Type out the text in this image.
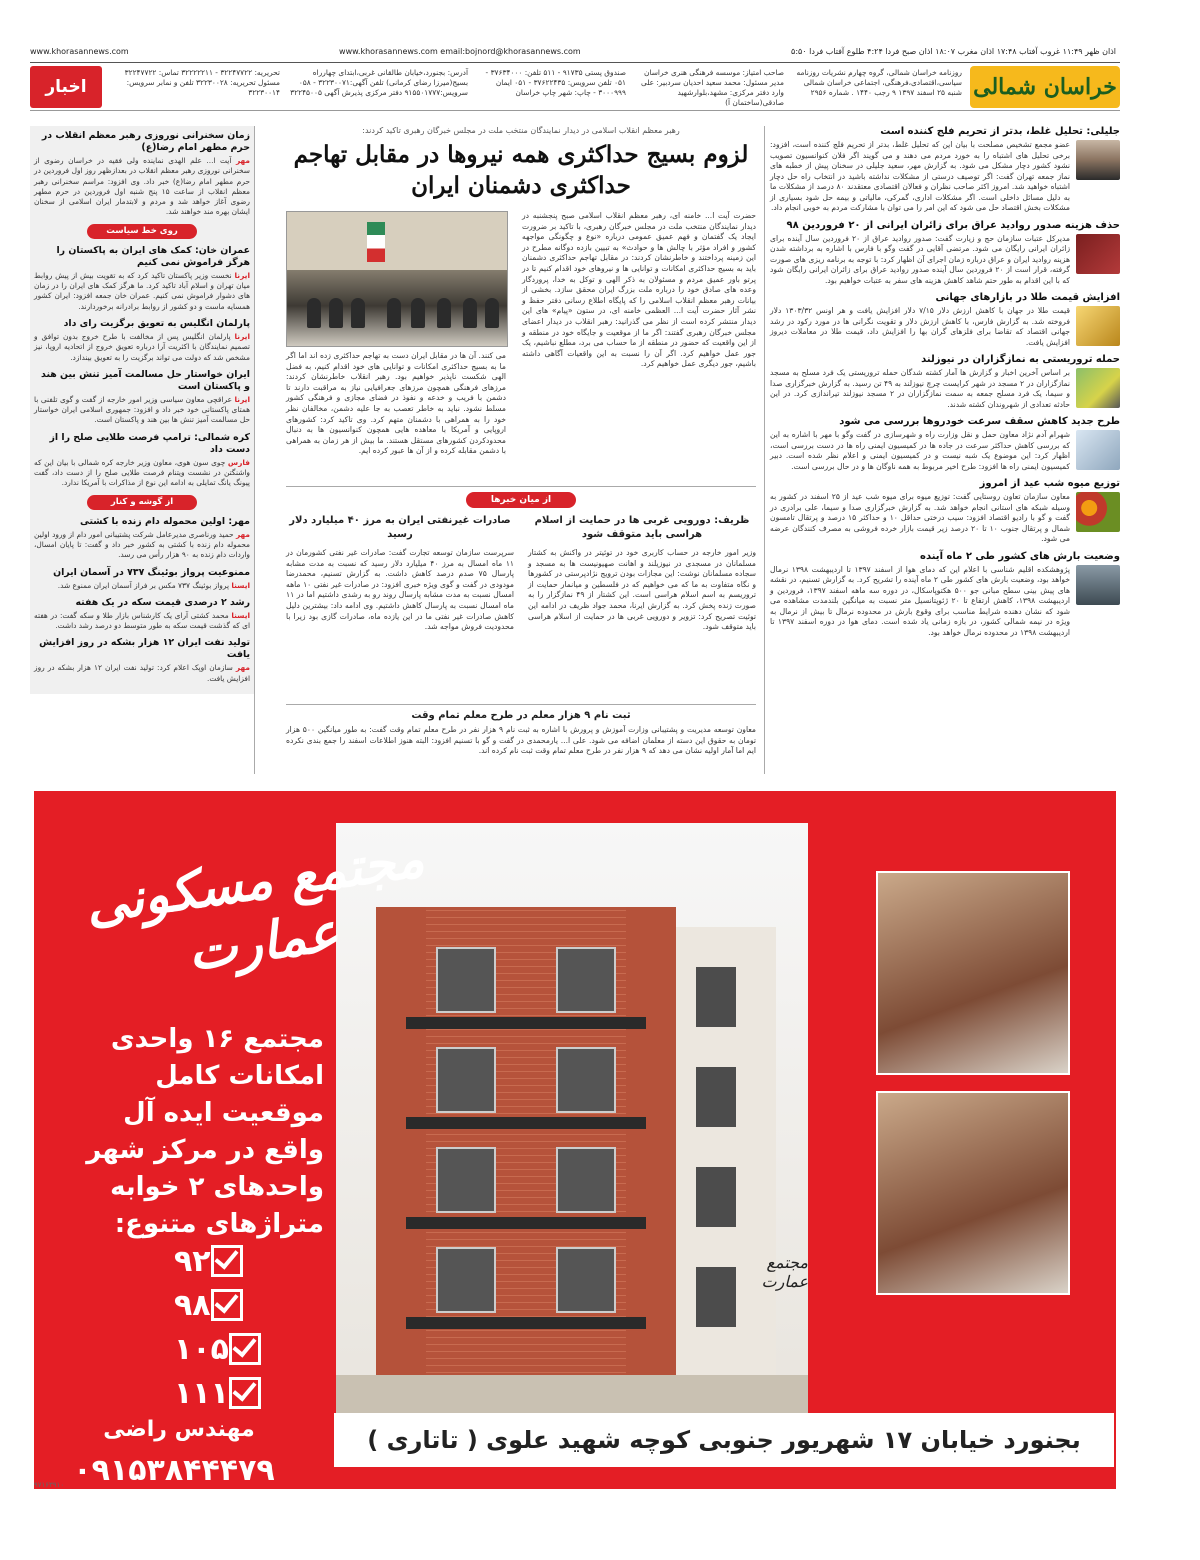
www.khorasannews.com	www.khorasannews.com email:bojnord@khorasannews.com	اذان ظهر ۱۱:۴۹ غروب آفتاب ۱۷:۴۸ اذان مغرب ۱۸:۰۷ اذان صبح فردا ۴:۲۴ طلوع آفتاب فردا ۵:۵۰
خراسان شمالی
روزنامه خراسان شمالی، گروه چهارم نشریات روزنامه سیاسی،اقتصادی،فرهنگی، اجتماعی خراسان شمالی شنبه ۲۵ اسفند ۱۳۹۷ ۹ رجب ۱۴۴۰ . شماره ۲۹۵۶
صاحب امتیاز: موسسه فرهنگی هنری خراسان مدیر مسئول: محمد سعید احدیان سردبیر: علی وارد دفتر مرکزی: مشهد،بلوارشهید صادقی(ساختمان آ)
صندوق پستی ۹۱۷۳۵ - ۵۱۱ تلفن: ۳۷۶۳۴۰۰۰ - ۰۵۱ تلفن سرویس: ۳۷۶۲۲۴۳۵ - ۰۵۱ ایمان ۳۰۰۰۹۹۹ - چاپ: شهر چاپ خراسان
آدرس: بجنورد،خیابان طالقانی غربی،ابتدای چهارراه بسیج(میرزا رضای کرمانی) تلفن آگهی:۳۲۲۳۰۰۷۱ - ۰۵۸ سرویس:۹۱۵۵۰۱۷۷۷ دفتر مرکزی پذیرش آگهی ۳۲۲۴۵۰۰۵
تحریریه: ۳۲۲۴۷۷۲۲ - ۳۲۲۲۲۲۱۱ تماس: ۳۲۲۴۷۷۲۲ مسئول تحریریه: ۳۲۲۳۰۰۲۸ تلفن و نمابر سرویس: ۳۲۲۳۰۰۱۴
اخبار
جلیلی: تحلیل غلط، بدتر از تحریم فلج کننده است

عضو مجمع تشخیص مصلحت با بیان این که تحلیل غلط، بدتر از تحریم فلج کننده است، افزود: برخی تحلیل های اشتباه را به خورد مردم می دهند و می گویند اگر فلان کنوانسیون تصویب نشود کشور دچار مشکل می شود. به گزارش مهر، سعید جلیلی در سخنان پیش از خطبه های نماز جمعه تهران گفت: اگر توصیف درستی از مشکلات نداشته باشید در انتخاب راه حل دچار اشتباه خواهید شد. امروز اکثر صاحب نظران و فعالان اقتصادی معتقدند ۸۰ درصد از مشکلات ما به دلیل مسائل داخلی است. اگر مشکلات اداری، گمرکی، مالیاتی و بیمه حل شود بسیاری از مشکلات بخش اقتصاد حل می شود که این امر را می توان با مشارکت مردم به خوبی انجام داد.

حذف هزینه صدور روادید عراق برای زائران ایرانی از ۲۰ فروردین ۹۸

مدیرکل عتبات سازمان حج و زیارت گفت: صدور روادید عراق از ۲۰ فروردین سال آینده برای زائران ایرانی رایگان می شود. مرتضی آقایی در گفت وگو با فارس با اشاره به برداشته شدن هزینه روادید ایران و عراق درباره زمان اجرای آن اظهار کرد: با توجه به برنامه ریزی های صورت گرفته، قرار است از ۲۰ فروردین سال آینده صدور روادید عراق برای زائران ایرانی رایگان شود که با این اقدام به طور حتم شاهد کاهش هزینه های سفر به عتبات خواهیم بود.

افزایش قیمت طلا در بازارهای جهانی

قیمت طلا در جهان با کاهش ارزش دلار ۷/۱۵ دلار افزایش یافت و هر اونس ۱۳۰۳/۳۲ دلار فروخته شد. به گزارش فارس، با کاهش ارزش دلار و تقویت نگرانی ها در مورد رکود در رشد جهانی اقتصاد که تقاضا برای فلزهای گران بها را افزایش داد، قیمت طلا در معاملات دیروز افزایش یافت.

حمله تروریستی به نمازگزاران در نیوزلند

بر اساس آخرین اخبار و گزارش ها آمار کشته شدگان حمله تروریستی یک فرد مسلح به مسجد نمازگزاران در ۲ مسجد در شهر کرایست چرچ نیوزلند به ۴۹ تن رسید. به گزارش خبرگزاری صدا و سیما، یک فرد مسلح جمعه به سمت نمازگزاران در ۲ مسجد نیوزلند تیراندازی کرد. در این حادثه تعدادی از شهروندان کشته شدند.

طرح جدید کاهش سقف سرعت خودروها بررسی می شود

شهرام آدم نژاد معاون حمل و نقل وزارت راه و شهرسازی در گفت وگو با مهر با اشاره به این که بررسی کاهش حداکثر سرعت در جاده ها در کمیسیون ایمنی راه ها در دست بررسی است، اظهار کرد: این موضوع یک شبه نیست و در کمیسیون ایمنی و اعلام نظر شده است. دبیر کمیسیون ایمنی راه ها افزود: طرح اخیر مربوط به همه ناوگان ها و در حال بررسی است.

توزیع میوه شب عید از امروز

معاون سازمان تعاون روستایی گفت: توزیع میوه برای میوه شب عید از ۲۵ اسفند در کشور به وسیله شبکه های استانی انجام خواهد شد. به گزارش خبرگزاری صدا و سیما، علی برادری در گفت و گو با رادیو اقتصاد افزود: سیب درختی حداقل ۱۰ و حداکثر ۱۵ درصد و پرتقال تامسون شمال و پرتقال جنوب ۱۰ تا ۲۰ درصد زیر قیمت بازار خرده فروشی به مصرف کنندگان عرضه می شود.

وضعیت بارش های کشور طی ۲ ماه آینده

پژوهشکده اقلیم شناسی با اعلام این که دمای هوا از اسفند ۱۳۹۷ تا اردیبهشت ۱۳۹۸ نرمال خواهد بود، وضعیت بارش های کشور طی ۲ ماه آینده را تشریح کرد. به گزارش تسنیم، در نقشه های پیش بینی سطح مبانی جو ۵۰۰ هکتوپاسکال، در دوره سه ماهه اسفند ۱۳۹۷، فروردین و اردیبهشت ۱۳۹۸، کاهش ارتفاع تا ۲۰ ژئوپتانسیل متر نسبت به میانگین بلندمدت مشاهده می شود که نشان دهنده شرایط مناسب برای وقوع بارش در محدوده نرمال تا بیش از نرمال به ویژه در نیمه شمالی کشور، در بازه زمانی یاد شده است. دمای هوا در دوره اسفند ۱۳۹۷ تا اردیبهشت ۱۳۹۸ در محدوده نرمال خواهد بود.

رهبر معظم انقلاب اسلامی در دیدار نمایندگان منتخب ملت در مجلس خبرگان رهبری تاکید کردند:
لزوم بسیج حداکثری همه نیروها در مقابل تهاجم حداکثری دشمنان ایران

حضرت آیت ا... خامنه ای، رهبر معظم انقلاب اسلامی صبح پنجشنبه در دیدار نمایندگان منتخب ملت در مجلس خبرگان رهبری، با تاکید بر ضرورت ایجاد یک گفتمان و فهم عمیق عمومی درباره «نوع و چگونگی مواجهه کشور و افراد مؤثر با چالش ها و حوادث» به تبیین بازده دوگانه مطرح در این زمینه پرداختند و خاطرنشان کردند: در مقابل تهاجم حداکثری دشمنان باید به بسیج حداکثری امکانات و توانایی ها و نیروهای خود اقدام کنیم تا در پرتو باور عمیق مردم و مسئولان به ذکر الهی و توکل به خدا، پروردگار وعده های صادق خود را درباره ملت بزرگ ایران محقق سازد. بخشی از بیانات رهبر معظم انقلاب اسلامی را که پایگاه اطلاع رسانی دفتر حفظ و نشر آثار حضرت آیت ا... العظمی خامنه ای، در ستون «پیام» های این دیدار منتشر کرده است از نظر می گذرانید: رهبر انقلاب در دیدار اعضای مجلس خبرگان رهبری گفتند: اگر ما از موقعیت و جایگاه خود در منطقه و از این واقعیت که حضور در منطقه از ما حساب می برد، مطلع نباشیم، یک جور عمل خواهیم کرد. اگر آن را نسبت به این واقعیات آگاهی داشته باشیم، جور دیگری عمل خواهیم کرد.

می کنند. آن ها در مقابل ایران دست به تهاجم حداکثری زده اند اما اگر ما به بسیج حداکثری امکانات و توانایی های خود اقدام کنیم، به فضل الهی شکست ناپذیر خواهیم بود. رهبر انقلاب خاطرنشان کردند: مرزهای فرهنگی همچون مرزهای جغرافیایی نیاز به مراقبت دارند تا دشمن با فریب و خدعه و نفوذ در فضای مجازی و فرهنگی کشور مسلط نشود. نباید به خاطر تعصب به جا علیه دشمن، مخالفان نظر خود را به همراهی با دشمنان متهم کرد. وی تاکید کرد: کشورهای اروپایی و آمریکا با معاهده هایی همچون کنوانسیون ها به دنبال محدودکردن کشورهای مستقل هستند. ما بیش از هر زمان به همراهی با دشمن مقابله کرده و از آن ها عبور کرده ایم.

از میان خبرها
ظریف: دورویی غربی ها در حمایت از اسلام هراسی باید متوقف شود

وزیر امور خارجه در حساب کاربری خود در توئیتر در واکنش به کشتار مسلمانان در مسجدی در نیوزیلند و اهانت صهیونیست ها به مسجد و سجاده مسلمانان نوشت: این مجازات بودن ترویج نژادپرستی در کشورها و نگاه متفاوت به ما که می خواهیم که در فلسطین و میانمار حمایت از تروریسم به اسم اسلام هراسی است. این کشتار از ۴۹ نمازگزار را به صورت زنده پخش کرد. به گزارش ایرنا، محمد جواد ظریف در ادامه این توئیت تصریح کرد: تزویر و دورویی غربی ها در حمایت از اسلام هراسی باید متوقف شود.

صادرات غیرنفتی ایران به مرز ۴۰ میلیارد دلار رسید

سرپرست سازمان توسعه تجارت گفت: صادرات غیر نفتی کشورمان در ۱۱ ماه امسال به مرز ۴۰ میلیارد دلار رسید که نسبت به مدت مشابه پارسال ۷۵ صدم درصد کاهش داشت. به گزارش تسنیم، محمدرضا مودودی در گفت و گوی ویژه خبری افزود: در صادرات غیر نفتی ۱۰ ماهه امسال نسبت به مدت مشابه پارسال روند رو به رشدی داشتیم اما در ۱۱ ماه امسال نسبت به پارسال کاهش داشتیم. وی ادامه داد: بیشترین دلیل کاهش صادرات غیر نفتی ما در این یازده ماه، صادرات گازی بود زیرا با محدودیت فروش مواجه شد.

ثبت نام ۹ هزار معلم در طرح معلم تمام وقت

معاون توسعه مدیریت و پشتیبانی وزارت آموزش و پرورش با اشاره به ثبت نام ۹ هزار نفر در طرح معلم تمام وقت گفت: به طور میانگین ۵۰۰ هزار تومان به حقوق این دسته از معلمان اضافه می شود. علی ا... یارمحمدی در گفت و گو با تسنیم افزود: البته هنوز اطلاعات اسفند را جمع بندی نکرده ایم اما آمار اولیه نشان می دهد که ۹ هزار نفر در طرح معلم تمام وقت ثبت نام کرده اند.

زمان سخنرانی نوروزی رهبر معظم انقلاب در حرم مطهر امام رضا(ع)

مهر آیت ا... علم الهدی نماینده ولی فقیه در خراسان رضوی از سخنرانی نوروزی رهبر معظم انقلاب در بعدازظهر روز اول فروردین در حرم مطهر امام رضا(ع) خبر داد. وی افزود: مراسم سخنرانی رهبر معظم انقلاب از ساعت ۱۵ پنج شنبه اول فروردین در حرم مطهر رضوی آغاز خواهد شد و مردم و لابتدمار ایران اسلامی از سخنان ایشان بهره مند خواهند شد.

روی خط سیاست
عمران خان: کمک های ایران به پاکستان را هرگز فراموش نمی کنیم

ایرنا نخست وزیر پاکستان تاکید کرد که به تقویت بیش از پیش روابط میان تهران و اسلام آباد تاکید کرد. ما هرگز کمک های ایران را در زمان های دشوار فراموش نمی کنیم. عمران خان جمعه افزود: ایران کشور همسایه ماست و دو کشور از روابط برادرانه برخوردارند.

پارلمان انگلیس به تعویق برگزیت رای داد

ایرنا پارلمان انگلیس پس از مخالفت با طرح خروج بدون توافق و تصمیم نمایندگان با اکثریت آرا درباره تعویق خروج از اتحادیه اروپا، نیز مشخص شد که دولت می تواند برگزیت را به تعویق بیندازد.

ایران خواستار حل مسالمت آمیز تنش بین هند و پاکستان است

ایرنا عراقچی معاون سیاسی وزیر امور خارجه از گفت و گوی تلفنی با همتای پاکستانی خود خبر داد و افزود: جمهوری اسلامی ایران خواستار حل مسالمت آمیز تنش ها بین هند و پاکستان است.

کره شمالی: ترامپ فرصت طلایی صلح را از دست داد

فارس چوی سون هوی، معاون وزیر خارجه کره شمالی با بیان این که واشنگتن در نشست ویتنام فرصت طلایی صلح را از دست داد، گفت پیونگ یانگ تمایلی به ادامه این نوع از مذاکرات با آمریکا ندارد.

از گوشه و کنار
مهر: اولین محموله دام زنده با کشتی

مهر حمید ورناصری مدیرعامل شرکت پشتیبانی امور دام از ورود اولین محموله دام زنده با کشتی به کشور خبر داد و گفت: تا پایان امسال، واردات دام زنده به ۹۰ هزار رأس می رسد.

ممنوعیت پرواز بوئینگ ۷۳۷ در آسمان ایران

ایسنا پرواز بوئینگ ۷۳۷ مکس بر فراز آسمان ایران ممنوع شد.

رشد ۲ درصدی قیمت سکه در یک هفته

ایسنا محمد کشتی آرای یک کارشناس بازار طلا و سکه گفت: در هفته ای که گذشت قیمت سکه به طور متوسط دو درصد رشد داشت.

تولید نفت ایران ۱۲ هزار بشکه در روز افزایش یافت

مهر سازمان اوپک اعلام کرد: تولید نفت ایران ۱۲ هزار بشکه در روز افزایش یافت.

مجتمع عمارت
مجتمع مسکونی عمارت
مجتمع ۱۶ واحدی
امکانات کامل
موقعیت ایده آل
واقع در مرکز شهر
واحدهای ۲ خوابه
متراژهای متنوع:
۹۲
۹۸
۱۰۵
۱۱۱
مهندس راضی
۰۹۱۵۳۸۴۴۴۷۹
بجنورد خیابان ۱۷ شهریور جنوبی کوچه شهید علوی ( تاتاری )
۹۷۱۶۳۹۱۰
